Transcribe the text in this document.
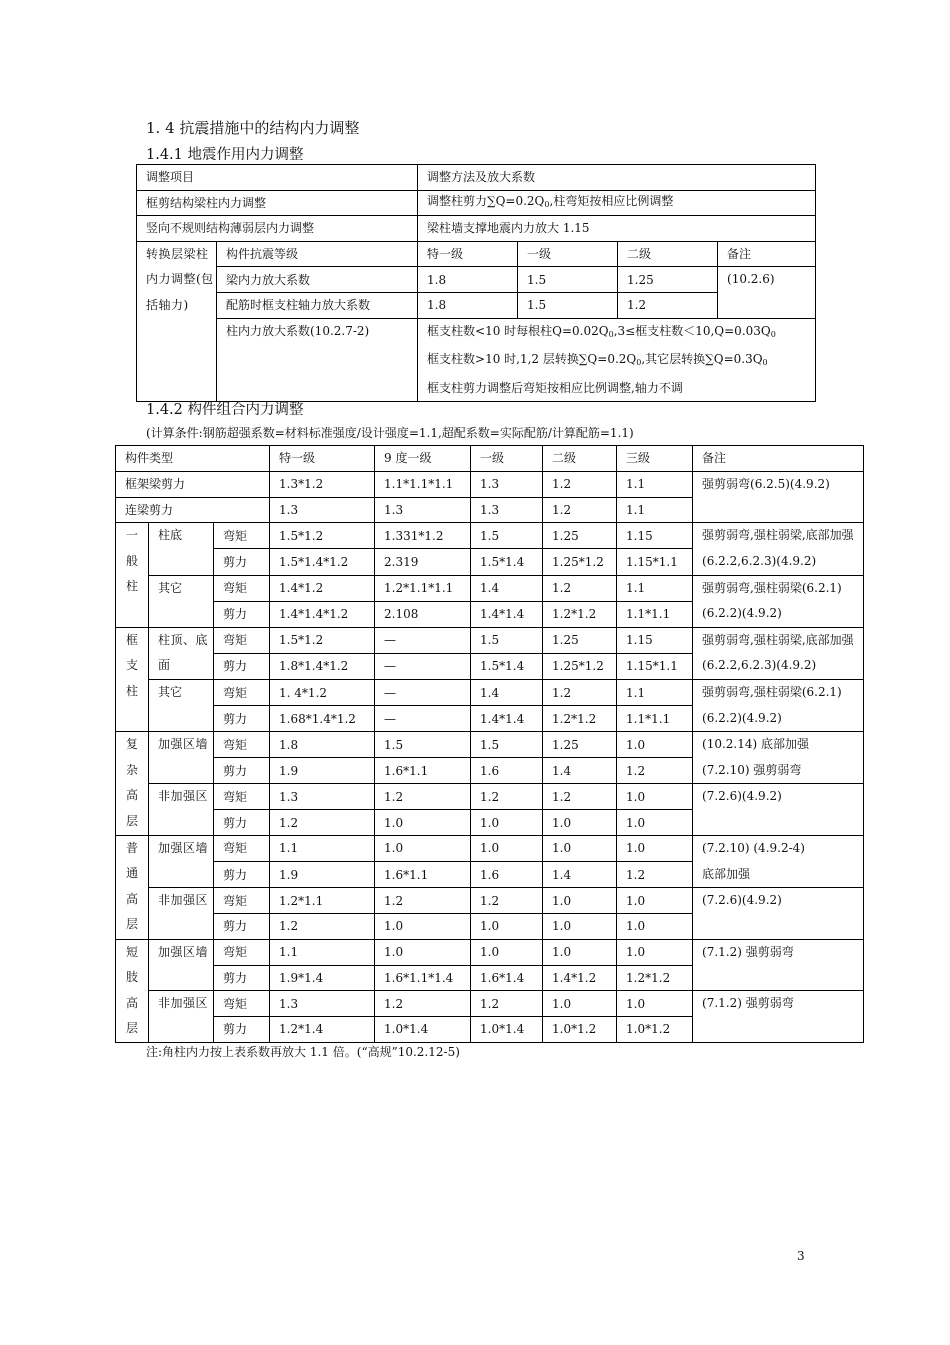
1. 4 抗震措施中的结构内力调整
1.4.1 地震作用内力调整
调整项目		调整方法及放大系数			
框剪结构梁柱内力调整		调整柱剪力$\sum Q=0.2Q_0$,柱弯矩按相应比例调整			
竖向不规则结构薄弱层内力调整		梁柱墙支撑地震内力放大 1.15			
转换层梁柱内力调整(包括轴力)	构件抗震等级	特一级	一级	二级	备注
	梁内力放大系数	1.8	1.5	1.25	(10.2.6)
	配筋时框支柱轴力放大系数	1.8	1.5	1.2	
	柱内力放大系数(10.2.7-2)	框支柱数<10 时每根柱$Q=0.02Q_0,3\le$框支柱数$<10,Q=0.03Q_0$
框支柱数>10 时,1,2 层转换$\sum Q=0.2Q_0$,其它层转换$\sum Q=0.3Q_0$
框支柱剪力调整后弯矩按相应比例调整,轴力不调			
1.4.2 构件组合内力调整
(计算条件:钢筋超强系数=材料标准强度/设计强度=1.1,超配系数=实际配筋/计算配筋=1.1)
构件类型			特一级	9 度一级	一级	二级	三级	备注
框架梁剪力			1.3*1.2	1.1*1.1*1.1	1.3	1.2	1.1	强剪弱弯(6.2.5)(4.9.2)
连梁剪力			1.3	1.3	1.3	1.2	1.1	

一般柱	柱底	弯矩	1.5*1.2	1.331*1.2	1.5	1.25	1.15	强剪弱弯,强柱弱梁,底部加强(6.2.2,6.2.3)(4.9.2)
		剪力	1.5*1.4*1.2	2.319	1.5*1.4	1.25*1.2	1.15*1.1	
	其它	弯矩	1.4*1.2	1.2*1.1*1.1	1.4	1.2	1.1	强剪弱弯,强柱弱梁(6.2.1) (6.2.2)(4.9.2)
		剪力	1.4*1.4*1.2	2.108	1.4*1.4	1.2*1.2	1.1*1.1	

框支柱	柱顶、底面	弯矩	1.5*1.2	—	1.5	1.25	1.15	强剪弱弯,强柱弱梁,底部加强(6.2.2,6.2.3)(4.9.2)
		剪力	1.8*1.4*1.2	—	1.5*1.4	1.25*1.2	1.15*1.1	
	其它	弯矩	1. 4*1.2	—	1.4	1.2	1.1	强剪弱弯,强柱弱梁(6.2.1) (6.2.2)(4.9.2)
		剪力	1.68*1.4*1.2	—	1.4*1.4	1.2*1.2	1.1*1.1	

复杂高层	加强区墙	弯矩	1.8	1.5	1.5	1.25	1.0	(10.2.14) 底部加强
(7.2.10) 强剪弱弯

		剪力	1.9	1.6*1.1	1.6	1.4	1.2	
	非加强区	弯矩	1.3	1.2	1.2	1.2	1.0	(7.2.6)(4.9.2)
		剪力	1.2	1.0	1.0	1.0	1.0	

普通高层	加强区墙	弯矩	1.1	1.0	1.0	1.0	1.0	(7.2.10) (4.9.2-4)
底部加强

		剪力	1.9	1.6*1.1	1.6	1.4	1.2	
	非加强区	弯矩	1.2*1.1	1.2	1.2	1.0	1.0	(7.2.6)(4.9.2)
		剪力	1.2	1.0	1.0	1.0	1.0	

短肢高层	加强区墙	弯矩	1.1	1.0	1.0	1.0	1.0	(7.1.2) 强剪弱弯
		剪力	1.9*1.4	1.6*1.1*1.4	1.6*1.4	1.4*1.2	1.2*1.2	
	非加强区	弯矩	1.3	1.2	1.2	1.0	1.0	(7.1.2) 强剪弱弯
		剪力	1.2*1.4	1.0*1.4	1.0*1.4	1.0*1.2	1.0*1.2	
注:角柱内力按上表系数再放大 1.1 倍。(“高规”10.2.12-5)
3
